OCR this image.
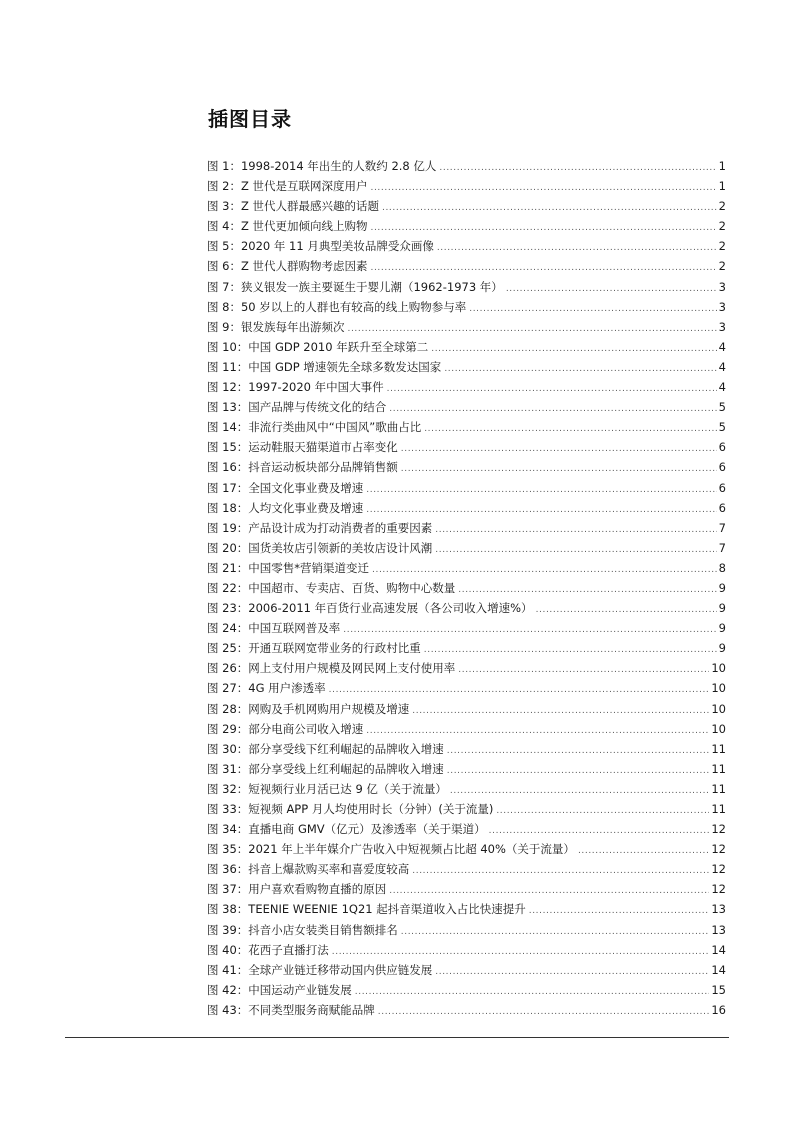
插图目录
图 1：1998-2014 年出生的人数约 2.8 亿人 .....	1
图 2：Z 世代是互联网深度用户 .....	1
图 3：Z 世代人群最感兴趣的话题 .....	2
图 4：Z 世代更加倾向线上购物 .....	2
图 5：2020 年 11 月典型美妆品牌受众画像 .....	2
图 6：Z 世代人群购物考虑因素 .....	2
图 7：狭义银发一族主要诞生于婴儿潮（1962-1973 年） .....	3
图 8：50 岁以上的人群也有较高的线上购物参与率 .....	3
图 9：银发族每年出游频次 .....	3
图 10：中国 GDP 2010 年跃升至全球第二 .....	4
图 11：中国 GDP 增速领先全球多数发达国家 .....	4
图 12：1997-2020 年中国大事件 .....	4
图 13：国产品牌与传统文化的结合 .....	5
图 14：非流行类曲风中“中国风”歌曲占比 .....	5
图 15：运动鞋服天猫渠道市占率变化 .....	6
图 16：抖音运动板块部分品牌销售额 .....	6
图 17：全国文化事业费及增速 .....	6
图 18：人均文化事业费及增速 .....	6
图 19：产品设计成为打动消费者的重要因素 .....	7
图 20：国货美妆店引领新的美妆店设计风潮 .....	7
图 21：中国零售*营销渠道变迁 .....	8
图 22：中国超市、专卖店、百货、购物中心数量 .....	9
图 23：2006-2011 年百货行业高速发展（各公司收入增速%） .....	9
图 24：中国互联网普及率 .....	9
图 25：开通互联网宽带业务的行政村比重 .....	9
图 26：网上支付用户规模及网民网上支付使用率 .....	10
图 27：4G 用户渗透率 .....	10
图 28：网购及手机网购用户规模及增速 .....	10
图 29：部分电商公司收入增速 .....	10
图 30：部分享受线下红利崛起的品牌收入增速 .....	11
图 31：部分享受线上红利崛起的品牌收入增速 .....	11
图 32：短视频行业月活已达 9 亿（关于流量） .....	11
图 33：短视频 APP 月人均使用时长（分钟）(关于流量) .....	11
图 34：直播电商 GMV（亿元）及渗透率（关于渠道） .....	12
图 35：2021 年上半年媒介广告收入中短视频占比超 40%（关于流量） .....	12
图 36：抖音上爆款购买率和喜爱度较高 .....	12
图 37：用户喜欢看购物直播的原因 .....	12
图 38：TEENIE WEENIE 1Q21 起抖音渠道收入占比快速提升 .....	13
图 39：抖音小店女装类目销售额排名 .....	13
图 40：花西子直播打法 .....	14
图 41：全球产业链迁移带动国内供应链发展 .....	14
图 42：中国运动产业链发展 .....	15
图 43：不同类型服务商赋能品牌 .....	16
